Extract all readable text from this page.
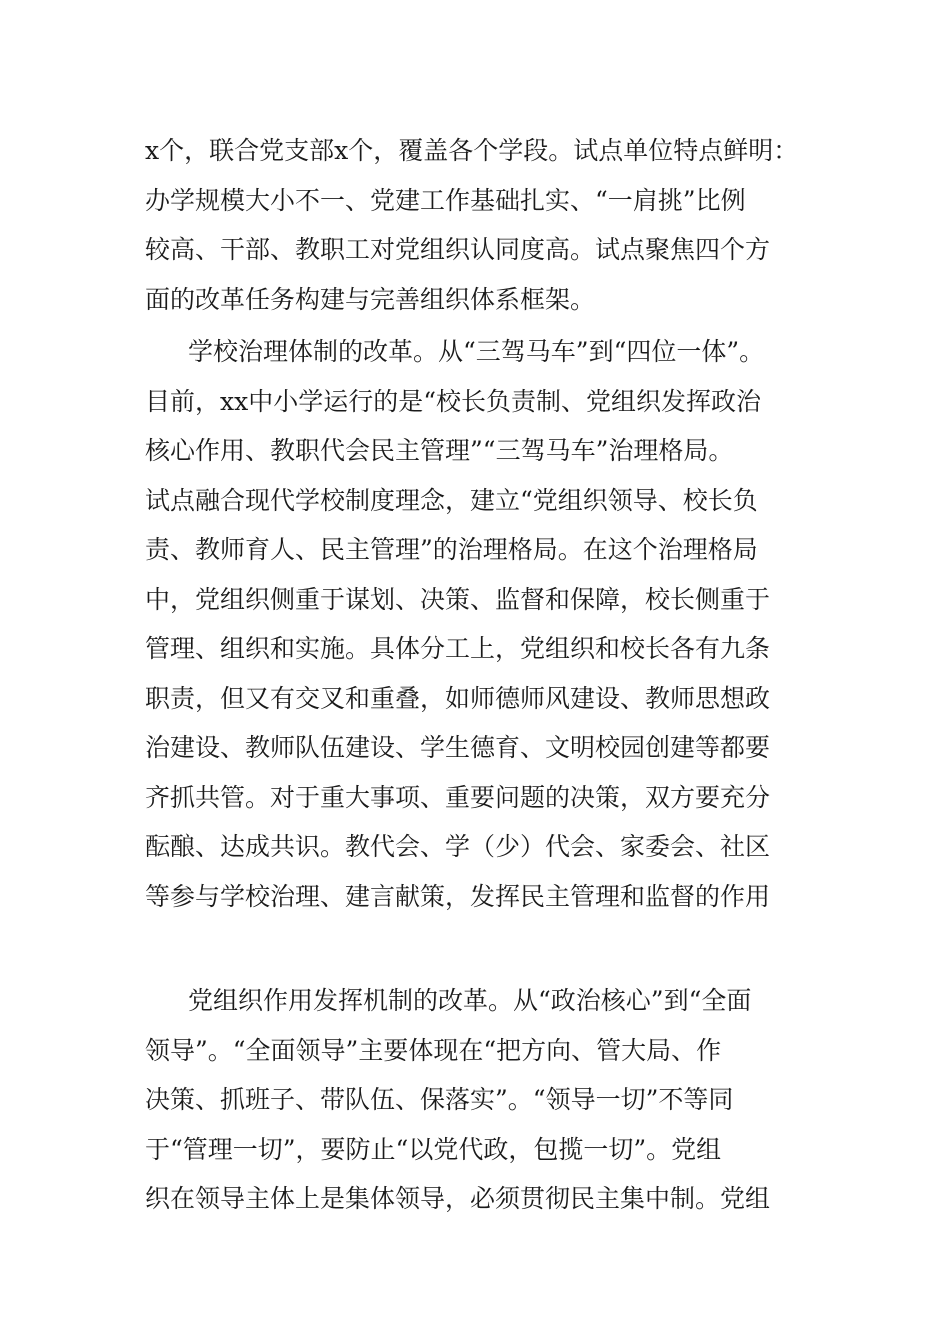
x个，联合党支部x个，覆盖各个学段。试点单位特点鲜明：
办学规模大小不一、党建工作基础扎实、“一肩挑”比例
较高、干部、教职工对党组织认同度高。试点聚焦四个方
面的改革任务构建与完善组织体系框架。
学校治理体制的改革。从“三驾马车”到“四位一体”。
目前，xx中小学运行的是“校长负责制、党组织发挥政治
核心作用、教职代会民主管理”“三驾马车”治理格局。
试点融合现代学校制度理念，建立“党组织领导、校长负
责、教师育人、民主管理”的治理格局。在这个治理格局
中，党组织侧重于谋划、决策、监督和保障，校长侧重于
管理、组织和实施。具体分工上，党组织和校长各有九条
职责，但又有交叉和重叠，如师德师风建设、教师思想政
治建设、教师队伍建设、学生德育、文明校园创建等都要
齐抓共管。对于重大事项、重要问题的决策，双方要充分
酝酿、达成共识。教代会、学（少）代会、家委会、社区
等参与学校治理、建言献策，发挥民主管理和监督的作用
党组织作用发挥机制的改革。从“政治核心”到“全面
领导”。“全面领导”主要体现在“把方向、管大局、作
决策、抓班子、带队伍、保落实”。“领导一切”不等同
于“管理一切”，要防止“以党代政，包揽一切”。党组
织在领导主体上是集体领导，必须贯彻民主集中制。党组
